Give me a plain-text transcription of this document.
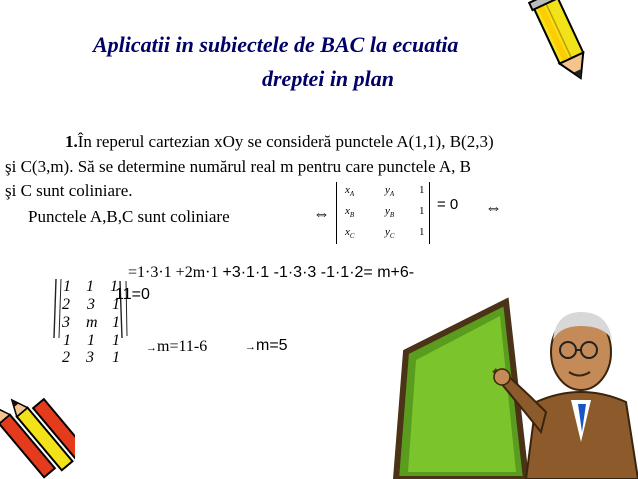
Aplicatii in subiectele de BAC la ecuatia
dreptei in plan
1.În reperul cartezian xOy se consideră punctele A(1,1), B(2,3)
şi C(3,m). Să se determine numărul real m pentru care punctele A, B
şi C sunt coliniare.
Punctele A,B,C sunt coliniare	⇔
$x_A$	$y_A$ 1
$x_B$	$y_B$ 1
$x_C$	$y_C$ 1
= 0 ⇔
1 1 1
2 3 1
3 m 1
1 1 1
2 3 1
=1·3·1 +2m·1 +3·1·1 -1·3·3 -1·1·2= m+6-
11=0
→m=11-6	→m=5
